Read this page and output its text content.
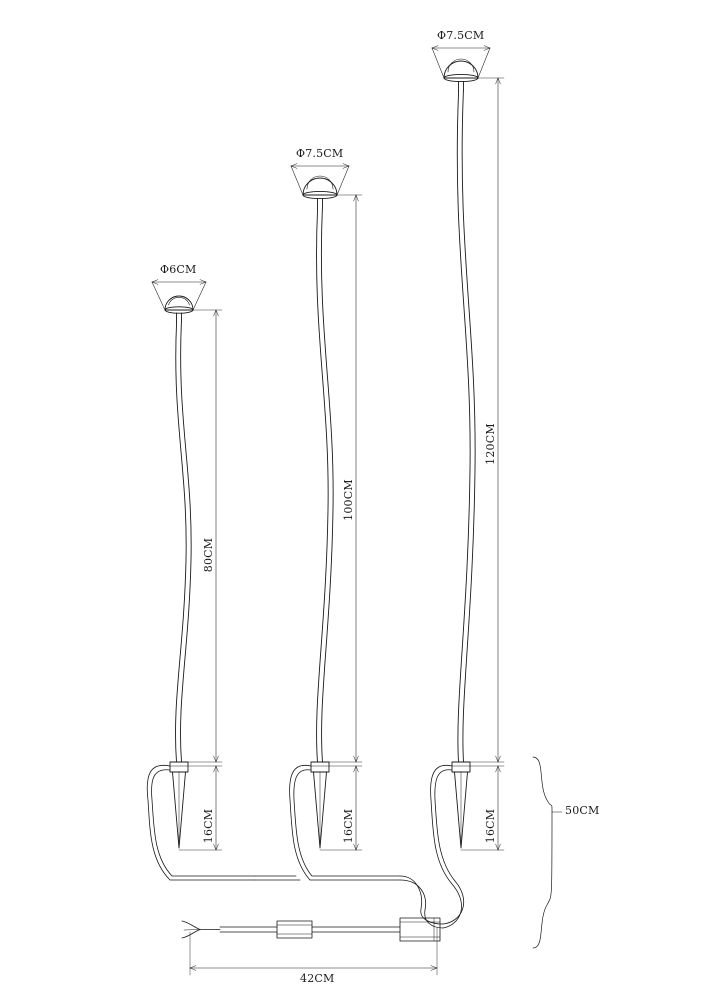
Φ6CM
80CM
16CM
Φ7.5CM
100CM
16CM
Φ7.5CM
120CM
16CM
42CM
50CM
